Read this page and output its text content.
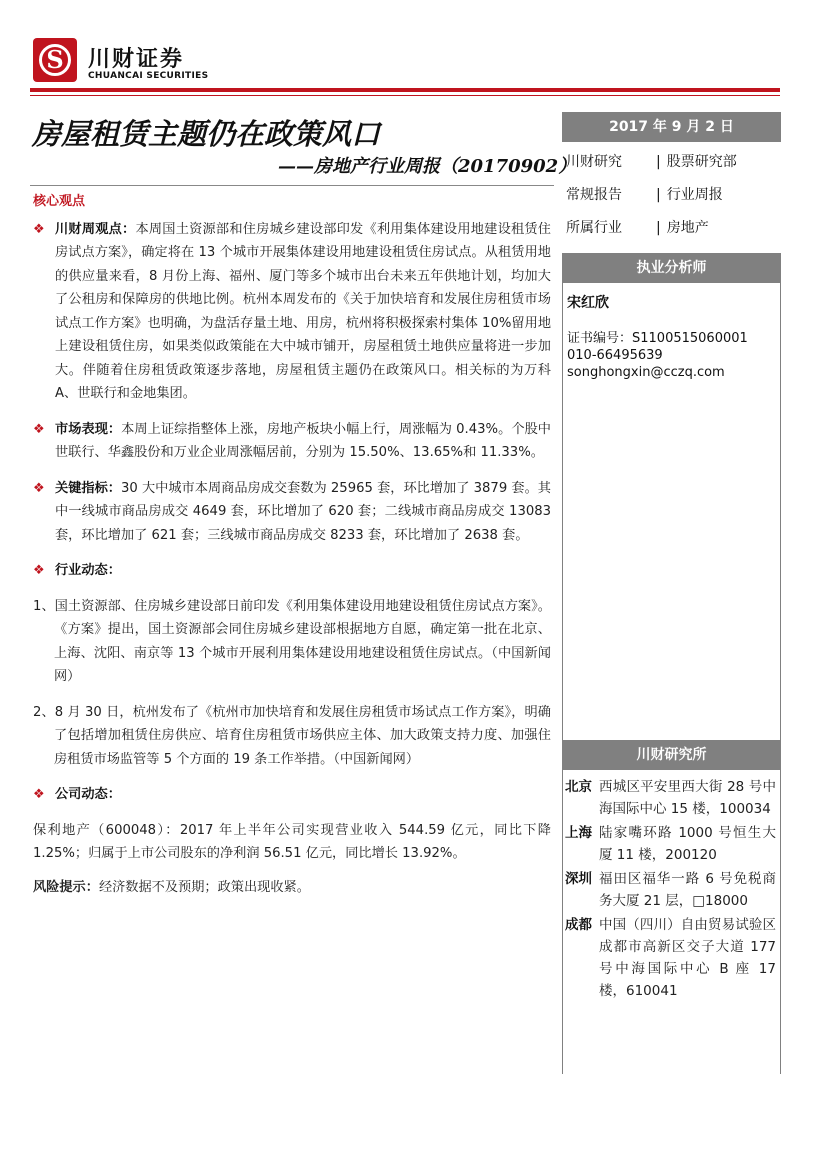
S	川财证券
CHUANCAI SECURITIES
房屋租赁主题仍在政策风口
——房地产行业周报（20170902）
核心观点
❖ 川财周观点：本周国土资源部和住房城乡建设部印发《利用集体建设用地建设租赁住房试点方案》，确定将在 13 个城市开展集体建设用地建设租赁住房试点。从租赁用地的供应量来看，8 月份上海、福州、厦门等多个城市出台未来五年供地计划，均加大了公租房和保障房的供地比例。杭州本周发布的《关于加快培育和发展住房租赁市场试点工作方案》也明确，为盘活存量土地、用房，杭州将积极探索村集体 10%留用地上建设租赁住房，如果类似政策能在大中城市铺开，房屋租赁土地供应量将进一步加大。伴随着住房租赁政策逐步落地，房屋租赁主题仍在政策风口。相关标的为万科 A、世联行和金地集团。
❖ 市场表现：本周上证综指整体上涨，房地产板块小幅上行，周涨幅为 0.43%。个股中世联行、华鑫股份和万业企业周涨幅居前，分别为 15.50%、13.65%和 11.33%。
❖ 关键指标：30 大中城市本周商品房成交套数为 25965 套，环比增加了 3879 套。其中一线城市商品房成交 4649 套，环比增加了 620 套；二线城市商品房成交 13083 套，环比增加了 621 套；三线城市商品房成交 8233 套，环比增加了 2638 套。
❖ 行业动态：

1、国土资源部、住房城乡建设部日前印发《利用集体建设用地建设租赁住房试点方案》。《方案》提出，国土资源部会同住房城乡建设部根据地方自愿，确定第一批在北京、上海、沈阳、南京等 13 个城市开展利用集体建设用地建设租赁住房试点。（中国新闻网）

2、8 月 30 日，杭州发布了《杭州市加快培育和发展住房租赁市场试点工作方案》，明确了包括增加租赁住房供应、培育住房租赁市场供应主体、加大政策支持力度、加强住房租赁市场监管等 5 个方面的 19 条工作举措。（中国新闻网）

❖ 公司动态：

保利地产（600048）：2017 年上半年公司实现营业收入 544.59 亿元，同比下降 1.25%；归属于上市公司股东的净利润 56.51 亿元，同比增长 13.92%。

风险提示：经济数据不及预期；政策出现收紧。

2017 年 9 月 2 日
川财研究	| 股票研究部
常规报告	| 行业周报
所属行业	| 房地产
执业分析师
宋红欣
证书编号：S1100515060001
010-66495639
songhongxin@cczq.com
川财研究所
北京 西城区平安里西大街 28 号中海国际中心 15 楼，100034
上海 陆家嘴环路 1000 号恒生大厦 11 楼，200120
深圳 福田区福华一路 6 号免税商务大厦 21 层，□18000
成都 中国（四川）自由贸易试验区成都市高新区交子大道 177 号中海国际中心 B 座 17 楼，610041
